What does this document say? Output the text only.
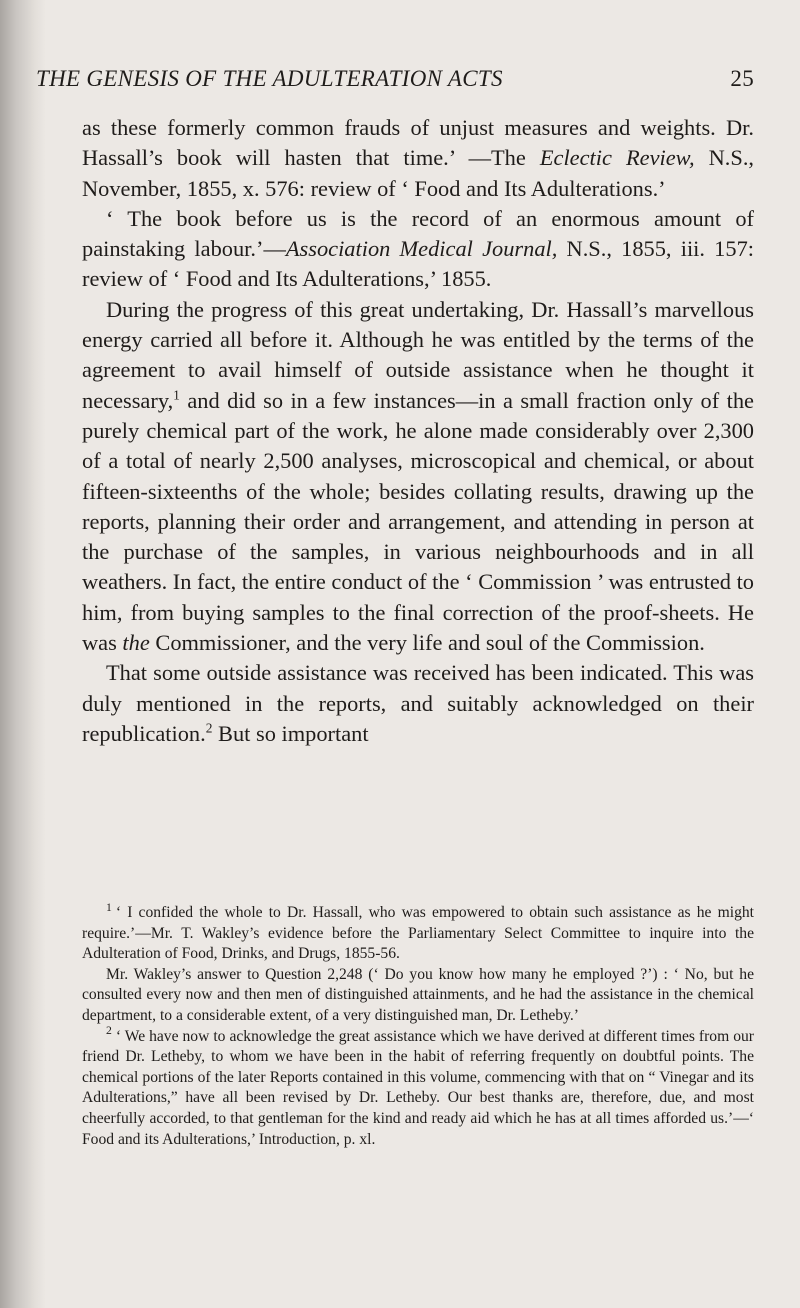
THE GENESIS OF THE ADULTERATION ACTS	25

as these formerly common frauds of unjust measures and weights. Dr. Hassall’s book will hasten that time.’ —The Eclectic Review, N.S., November, 1855, x. 576: review of ‘ Food and Its Adulterations.’

‘ The book before us is the record of an enormous amount of painstaking labour.’—Association Medical Journal, N.S., 1855, iii. 157: review of ‘ Food and Its Adulterations,’ 1855.

During the progress of this great undertaking, Dr. Hassall’s marvellous energy carried all before it. Although he was entitled by the terms of the agreement to avail himself of outside assistance when he thought it necessary,$^1$ and did so in a few instances—in a small fraction only of the purely chemical part of the work, he alone made considerably over 2,300 of a total of nearly 2,500 analyses, microscopical and chemical, or about fifteen-sixteenths of the whole; besides collating results, drawing up the reports, planning their order and arrangement, and attending in person at the purchase of the samples, in various neighbourhoods and in all weathers. In fact, the entire conduct of the ‘ Commission ’ was entrusted to him, from buying samples to the final correction of the proof-sheets. He was the Commissioner, and the very life and soul of the Commission.

That some outside assistance was received has been indicated. This was duly mentioned in the reports, and suitably acknowledged on their republication.$^2$ But so important

$^1$ ‘ I confided the whole to Dr. Hassall, who was empowered to obtain such assistance as he might require.’—Mr. T. Wakley’s evidence before the Parliamentary Select Committee to inquire into the Adulteration of Food, Drinks, and Drugs, 1855-56.

Mr. Wakley’s answer to Question 2,248 (‘ Do you know how many he employed ?’) : ‘ No, but he consulted every now and then men of distinguished attainments, and he had the assistance in the chemical department, to a considerable extent, of a very distinguished man, Dr. Letheby.’

$^2$ ‘ We have now to acknowledge the great assistance which we have derived at different times from our friend Dr. Letheby, to whom we have been in the habit of referring frequently on doubtful points. The chemical portions of the later Reports contained in this volume, commencing with that on “ Vinegar and its Adulterations,” have all been revised by Dr. Letheby. Our best thanks are, therefore, due, and most cheerfully accorded, to that gentleman for the kind and ready aid which he has at all times afforded us.’—‘ Food and its Adulterations,’ Introduction, p. xl.
